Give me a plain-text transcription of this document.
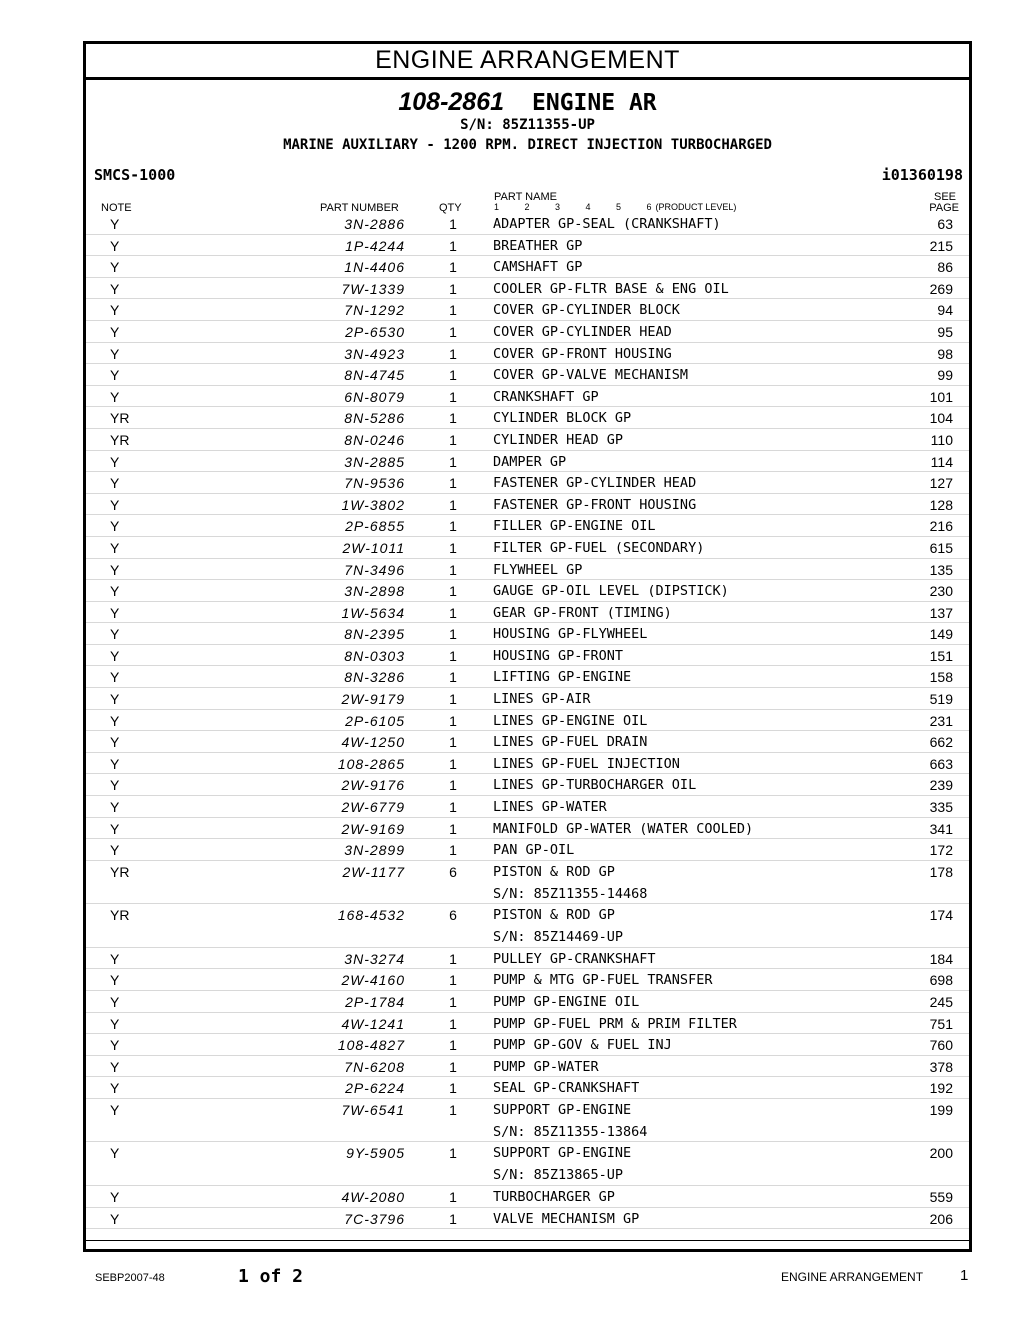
ENGINE ARRANGEMENT
108-2861 ENGINE AR
S/N: 85Z11355-UP
MARINE AUXILIARY - 1200 RPM. DIRECT INJECTION TURBOCHARGED
SMCS-1000	i01360198
NOTE	PART NUMBER	QTY
PART NAME
1   2   3   4   5   6 (PRODUCT LEVEL)
SEE
PAGE
Y	3N-2886	1	ADAPTER GP-SEAL (CRANKSHAFT)	63
Y	1P-4244	1	BREATHER GP	215
Y	1N-4406	1	CAMSHAFT GP	86
Y	7W-1339	1	COOLER GP-FLTR BASE & ENG OIL	269
Y	7N-1292	1	COVER GP-CYLINDER BLOCK	94
Y	2P-6530	1	COVER GP-CYLINDER HEAD	95
Y	3N-4923	1	COVER GP-FRONT HOUSING	98
Y	8N-4745	1	COVER GP-VALVE MECHANISM	99
Y	6N-8079	1	CRANKSHAFT GP	101
YR	8N-5286	1	CYLINDER BLOCK GP	104
YR	8N-0246	1	CYLINDER HEAD GP	110
Y	3N-2885	1	DAMPER GP	114
Y	7N-9536	1	FASTENER GP-CYLINDER HEAD	127
Y	1W-3802	1	FASTENER GP-FRONT HOUSING	128
Y	2P-6855	1	FILLER GP-ENGINE OIL	216
Y	2W-1011	1	FILTER GP-FUEL (SECONDARY)	615
Y	7N-3496	1	FLYWHEEL GP	135
Y	3N-2898	1	GAUGE GP-OIL LEVEL (DIPSTICK)	230
Y	1W-5634	1	GEAR GP-FRONT (TIMING)	137
Y	8N-2395	1	HOUSING GP-FLYWHEEL	149
Y	8N-0303	1	HOUSING GP-FRONT	151
Y	8N-3286	1	LIFTING GP-ENGINE	158
Y	2W-9179	1	LINES GP-AIR	519
Y	2P-6105	1	LINES GP-ENGINE OIL	231
Y	4W-1250	1	LINES GP-FUEL DRAIN	662
Y	108-2865	1	LINES GP-FUEL INJECTION	663
Y	2W-9176	1	LINES GP-TURBOCHARGER OIL	239
Y	2W-6779	1	LINES GP-WATER	335
Y	2W-9169	1	MANIFOLD GP-WATER (WATER COOLED)	341
Y	3N-2899	1	PAN GP-OIL	172
YR	2W-1177	6	PISTON & ROD GP	178
S/N: 85Z11355-14468
YR	168-4532	6	PISTON & ROD GP	174
S/N: 85Z14469-UP
Y	3N-3274	1	PULLEY GP-CRANKSHAFT	184
Y	2W-4160	1	PUMP & MTG GP-FUEL TRANSFER	698
Y	2P-1784	1	PUMP GP-ENGINE OIL	245
Y	4W-1241	1	PUMP GP-FUEL PRM & PRIM FILTER	751
Y	108-4827	1	PUMP GP-GOV & FUEL INJ	760
Y	7N-6208	1	PUMP GP-WATER	378
Y	2P-6224	1	SEAL GP-CRANKSHAFT	192
Y	7W-6541	1	SUPPORT GP-ENGINE	199
S/N: 85Z11355-13864
Y	9Y-5905	1	SUPPORT GP-ENGINE	200
S/N: 85Z13865-UP
Y	4W-2080	1	TURBOCHARGER GP	559
Y	7C-3796	1	VALVE MECHANISM GP	206
SEBP2007-48	1 of 2	ENGINE ARRANGEMENT 1
